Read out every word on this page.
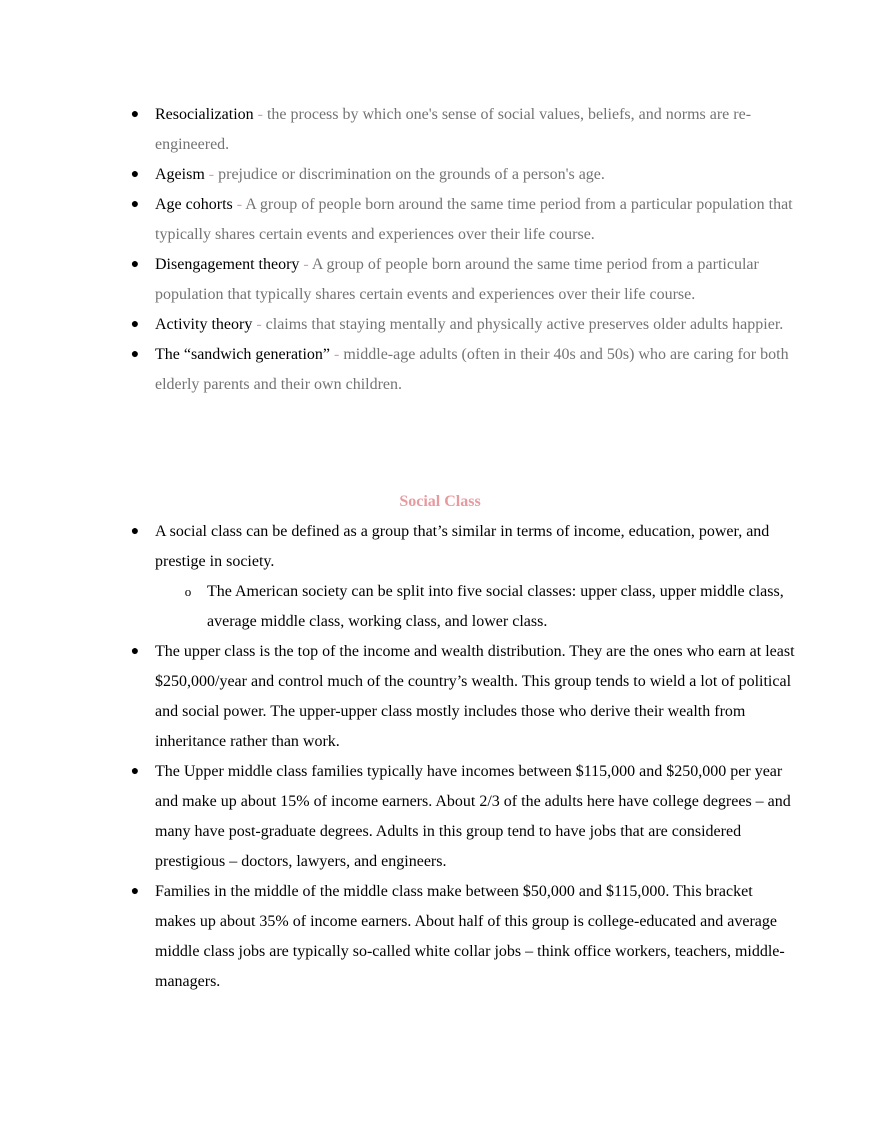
● Resocialization - the process by which one's sense of social values, beliefs, and norms are re-engineered.
● Ageism - prejudice or discrimination on the grounds of a person's age.
● Age cohorts - A group of people born around the same time period from a particular population that typically shares certain events and experiences over their life course.
● Disengagement theory - A group of people born around the same time period from a particular population that typically shares certain events and experiences over their life course.
● Activity theory - claims that staying mentally and physically active preserves older adults happier.
● The “sandwich generation” - middle-age adults (often in their 40s and 50s) who are caring for both elderly parents and their own children.
Social Class
● A social class can be defined as a group that’s similar in terms of income, education, power, and prestige in society.
o The American society can be split into five social classes: upper class, upper middle class, average middle class, working class, and lower class.
● The upper class is the top of the income and wealth distribution. They are the ones who earn at least $250,000/year and control much of the country’s wealth. This group tends to wield a lot of political and social power. The upper-upper class mostly includes those who derive their wealth from inheritance rather than work.
● The Upper middle class families typically have incomes between $115,000 and $250,000 per year and make up about 15% of income earners. About 2/3 of the adults here have college degrees – and many have post-graduate degrees. Adults in this group tend to have jobs that are considered prestigious – doctors, lawyers, and engineers.
● Families in the middle of the middle class make between $50,000 and $115,000. This bracket makes up about 35% of income earners. About half of this group is college-educated and average middle class jobs are typically so-called white collar jobs – think office workers, teachers, middle-managers.
